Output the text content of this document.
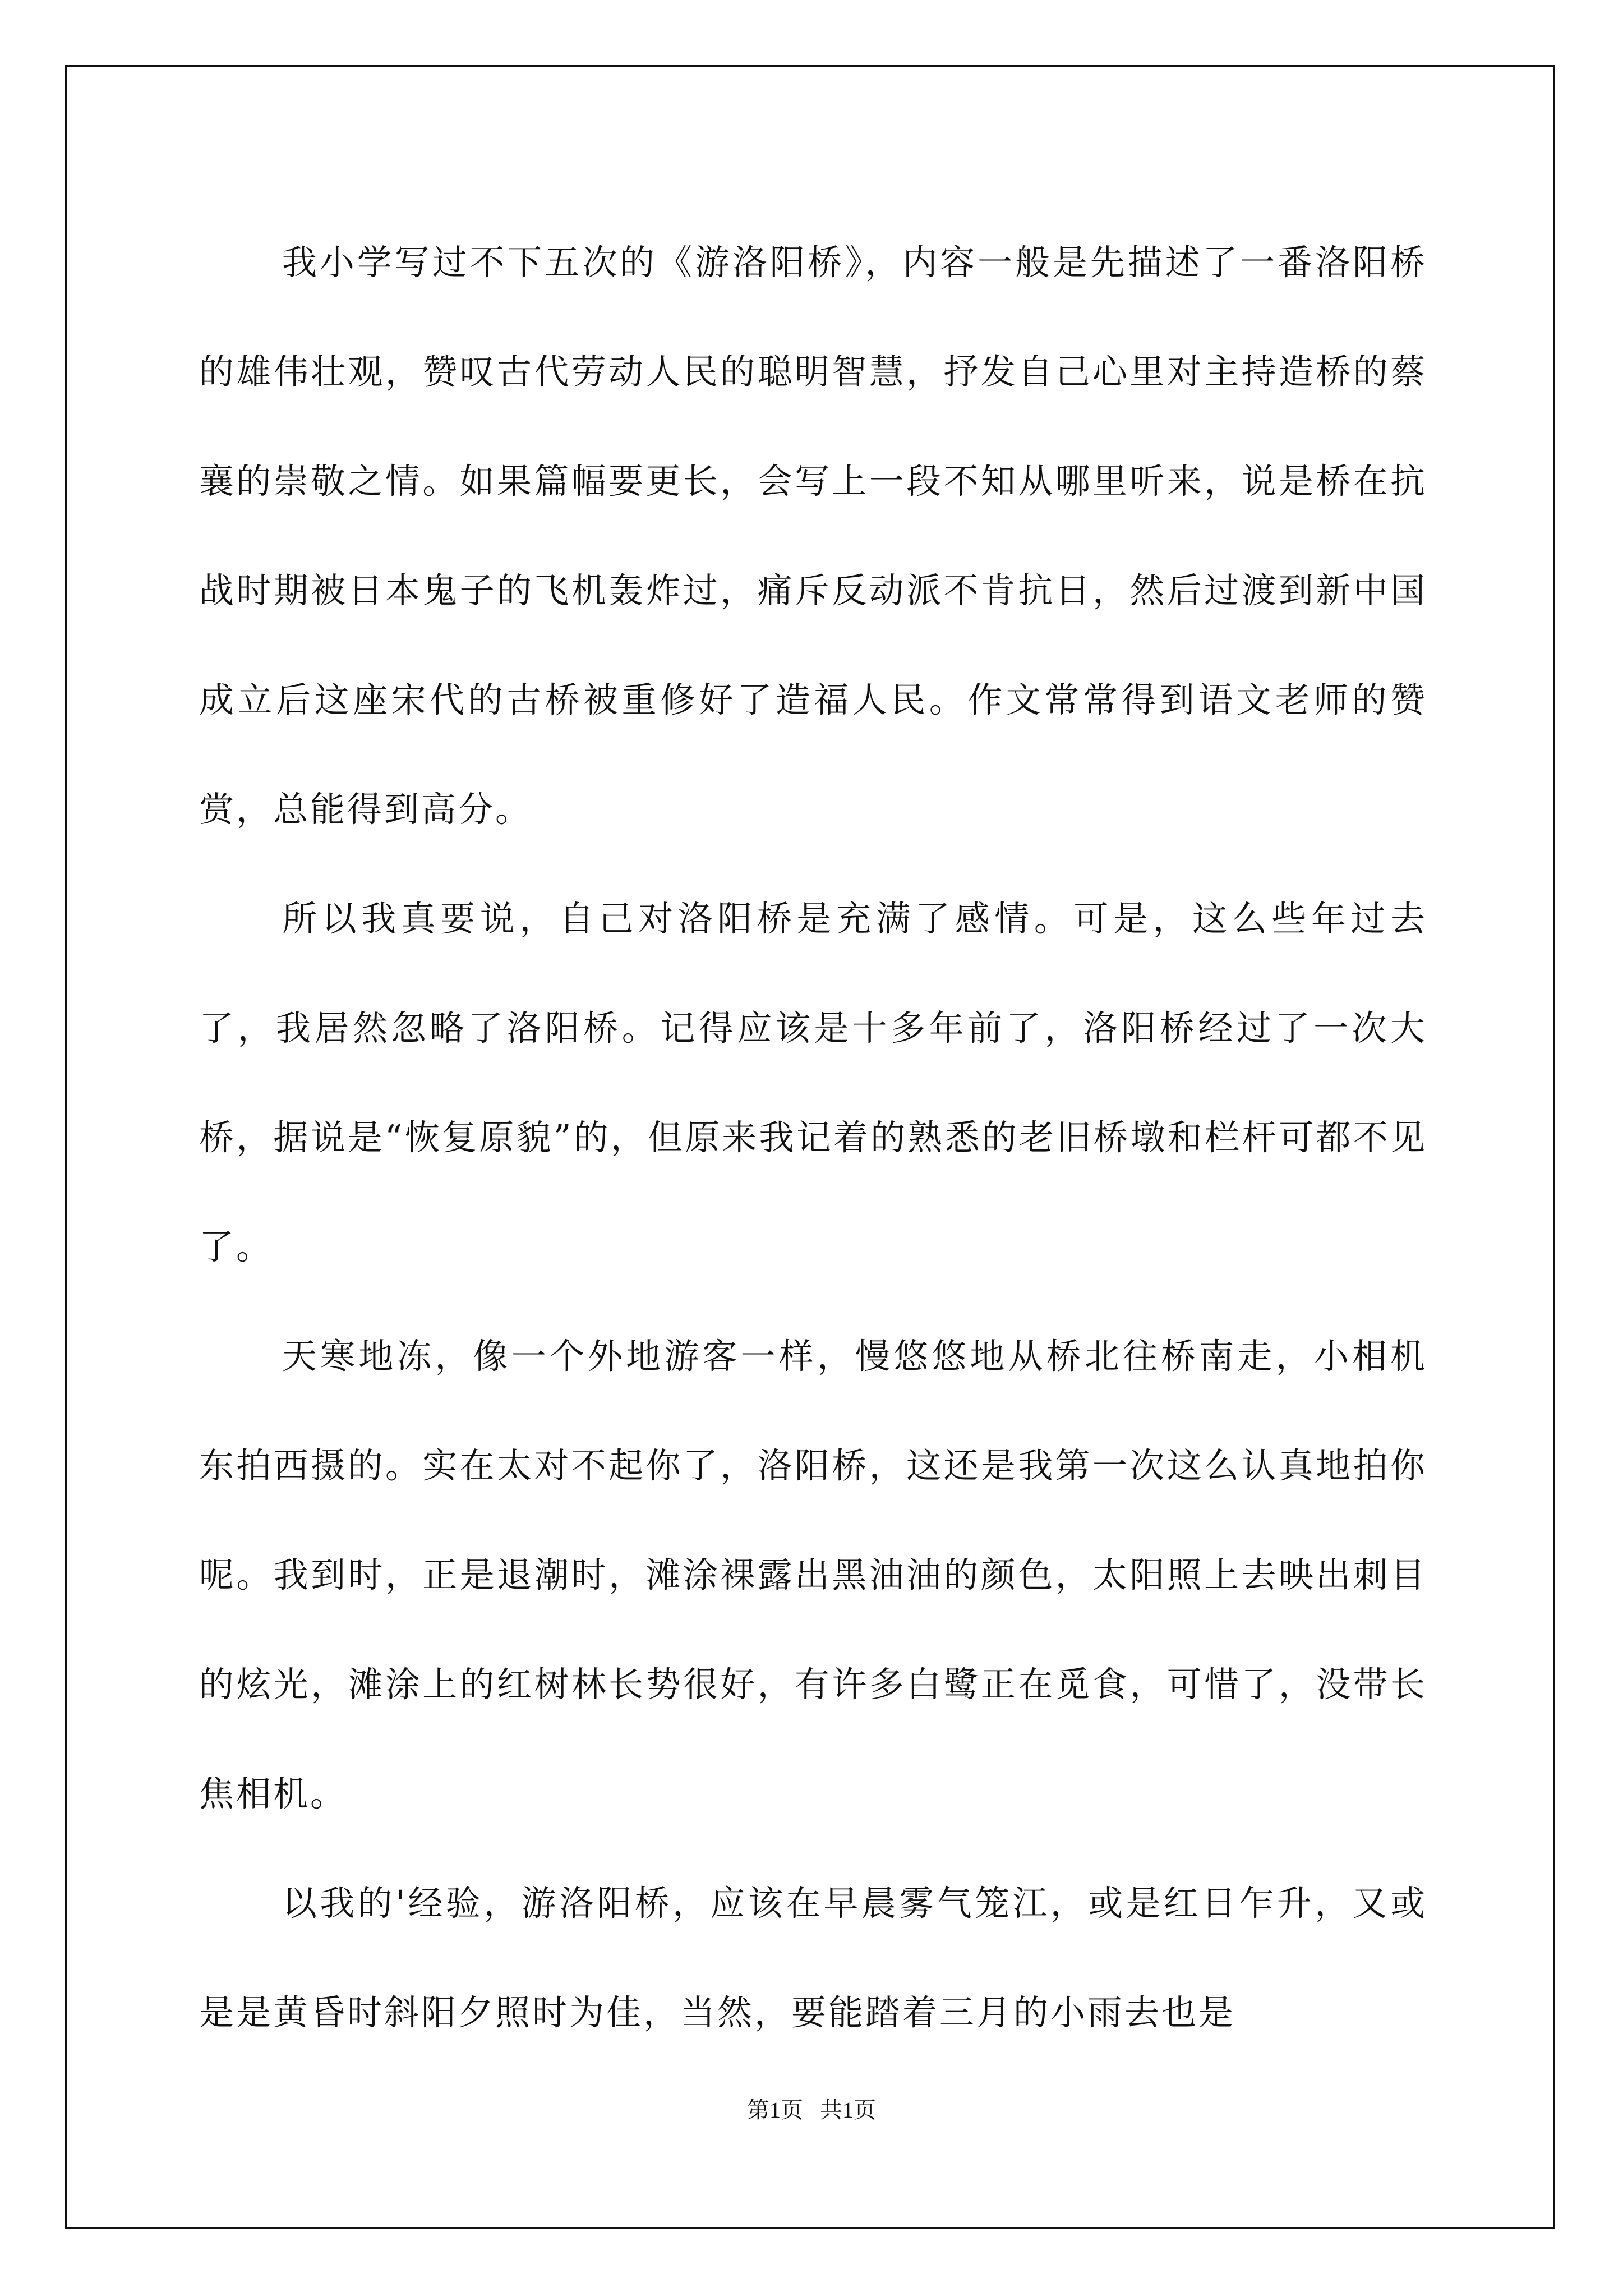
我小学写过不下五次的《游洛阳桥》，内容一般是先描述了一番洛阳桥的雄伟壮观，赞叹古代劳动人民的聪明智慧，抒发自己心里对主持造桥的蔡襄的崇敬之情。如果篇幅要更长，会写上一段不知从哪里听来，说是桥在抗战时期被日本鬼子的飞机轰炸过，痛斥反动派不肯抗日，然后过渡到新中国成立后这座宋代的古桥被重修好了造福人民。作文常常得到语文老师的赞赏，总能得到高分。

所以我真要说，自己对洛阳桥是充满了感情。可是，这么些年过去了，我居然忽略了洛阳桥。记得应该是十多年前了，洛阳桥经过了一次大桥，据说是“恢复原貌”的，但原来我记着的熟悉的老旧桥墩和栏杆可都不见了。

天寒地冻，像一个外地游客一样，慢悠悠地从桥北往桥南走，小相机东拍西摄的。实在太对不起你了，洛阳桥，这还是我第一次这么认真地拍你呢。我到时，正是退潮时，滩涂裸露出黑油油的颜色，太阳照上去映出刺目的炫光，滩涂上的红树林长势很好，有许多白鹭正在觅食，可惜了，没带长焦相机。

以我的'经验，游洛阳桥，应该在早晨雾气笼江，或是红日乍升，又或是是黄昏时斜阳夕照时为佳，当然，要能踏着三月的小雨去也是

第1页   共1页
